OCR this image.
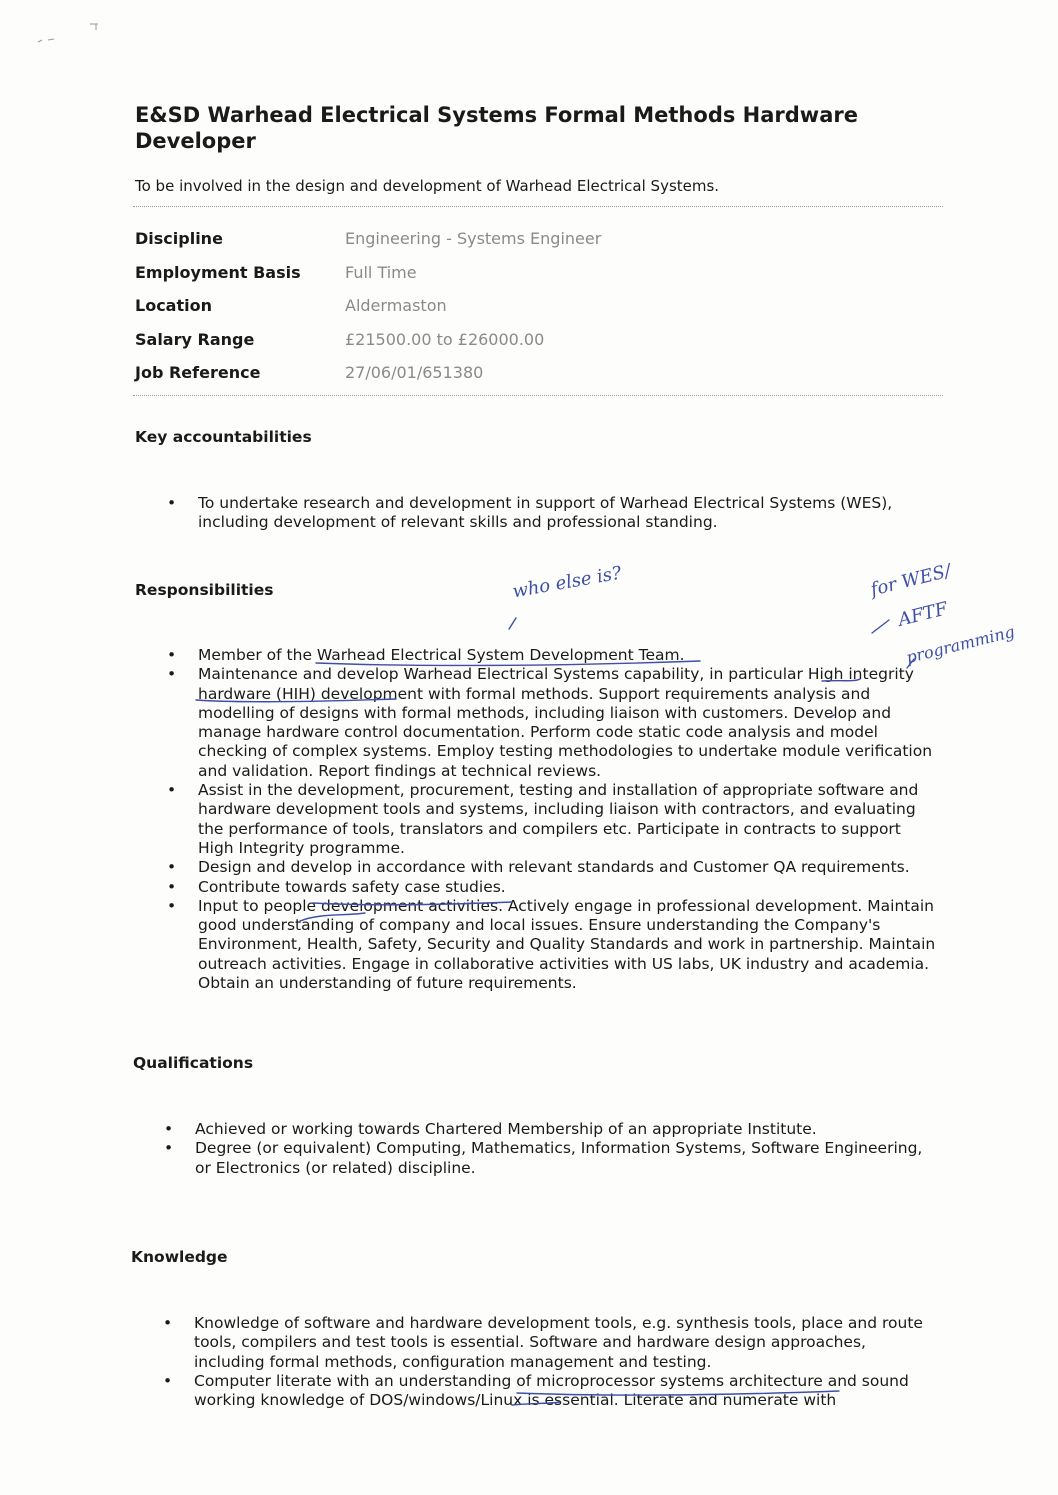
E&SD Warhead Electrical Systems Formal Methods Hardware Developer
To be involved in the design and development of Warhead Electrical Systems.
Discipline	Engineering - Systems Engineer
Employment Basis	Full Time
Location	Aldermaston
Salary Range	£21500.00 to £26000.00
Job Reference	27/06/01/651380
Key accountabilities
• To undertake research and development in support of Warhead Electrical Systems (WES), including development of relevant skills and professional standing.
Responsibilities
• Member of the Warhead Electrical System Development Team.
• Maintenance and develop Warhead Electrical Systems capability, in particular High integrity hardware (HIH) development with formal methods. Support requirements analysis and modelling of designs with formal methods, including liaison with customers. Develop and manage hardware control documentation. Perform code static code analysis and model checking of complex systems. Employ testing methodologies to undertake module verification and validation. Report findings at technical reviews.
• Assist in the development, procurement, testing and installation of appropriate software and hardware development tools and systems, including liaison with contractors, and evaluating the performance of tools, translators and compilers etc. Participate in contracts to support High Integrity programme.
• Design and develop in accordance with relevant standards and Customer QA requirements.
• Contribute towards safety case studies.
• Input to people development activities. Actively engage in professional development. Maintain good understanding of company and local issues. Ensure understanding the Company's Environment, Health, Safety, Security and Quality Standards and work in partnership. Maintain outreach activities. Engage in collaborative activities with US labs, UK industry and academia. Obtain an understanding of future requirements.
Qualifications
• Achieved or working towards Chartered Membership of an appropriate Institute.
• Degree (or equivalent) Computing, Mathematics, Information Systems, Software Engineering, or Electronics (or related) discipline.
Knowledge
• Knowledge of software and hardware development tools, e.g. synthesis tools, place and route tools, compilers and test tools is essential. Software and hardware design approaches, including formal methods, configuration management and testing.
• Computer literate with an understanding of microprocessor systems architecture and sound working knowledge of DOS/windows/Linux is essential. Literate and numerate with
who else is?	for WES/
AFTF
programming
